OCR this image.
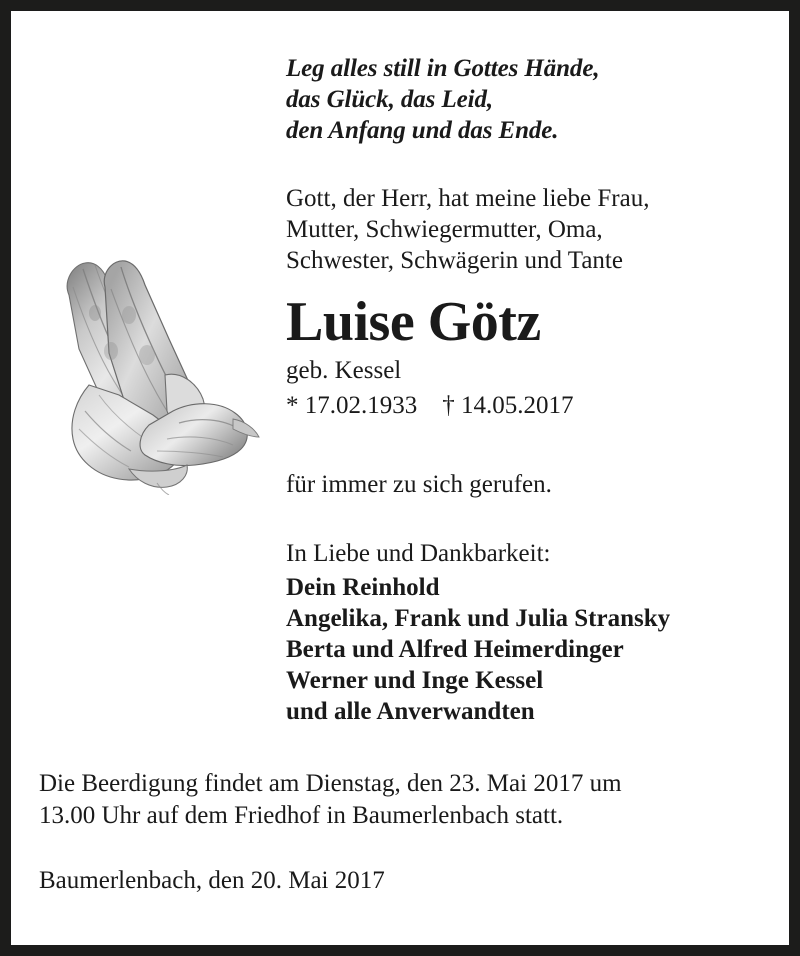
Leg alles still in Gottes Hände,
das Glück, das Leid,
den Anfang und das Ende.
Gott, der Herr, hat meine liebe Frau,
Mutter, Schwiegermutter, Oma,
Schwester, Schwägerin und Tante
Luise Götz
geb. Kessel
* 17.02.1933    † 14.05.2017
für immer zu sich gerufen.
In Liebe und Dankbarkeit:
Dein Reinhold
Angelika, Frank und Julia Stransky
Berta und Alfred Heimerdinger
Werner und Inge Kessel
und alle Anverwandten
Die Beerdigung findet am Dienstag, den 23. Mai 2017 um
13.00 Uhr auf dem Friedhof in Baumerlenbach statt.
Baumerlenbach, den 20. Mai 2017
